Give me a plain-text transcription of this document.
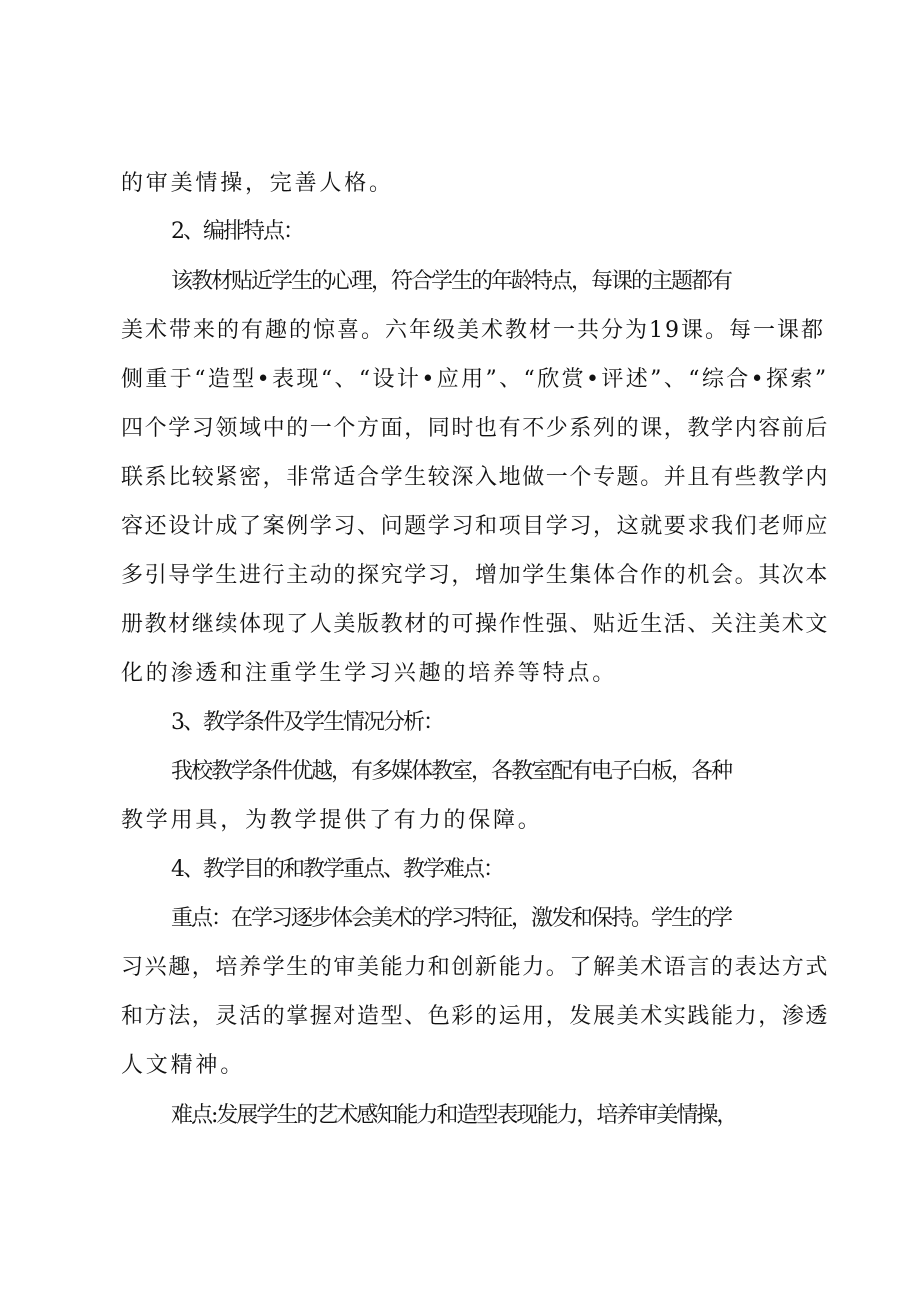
的审美情操，完善人格。
2、编排特点：
该教材贴近学生的心理，符合学生的年龄特点，每课的主题都有
美术带来的有趣的惊喜。六年级美术教材一共分为19课。每一课都
侧重于“造型•表现“、“设计•应用”、“欣赏•评述”、“综合•探索”
四个学习领域中的一个方面，同时也有不少系列的课，教学内容前后
联系比较紧密，非常适合学生较深入地做一个专题。并且有些教学内
容还设计成了案例学习、问题学习和项目学习，这就要求我们老师应
多引导学生进行主动的探究学习，增加学生集体合作的机会。其次本
册教材继续体现了人美版教材的可操作性强、贴近生活、关注美术文
化的渗透和注重学生学习兴趣的培养等特点。
3、教学条件及学生情况分析：
我校教学条件优越，有多媒体教室，各教室配有电子白板，各种
教学用具，为教学提供了有力的保障。
4、教学目的和教学重点、教学难点：
重点：在学习逐步体会美术的学习特征，激发和保持。学生的学
习兴趣，培养学生的审美能力和创新能力。了解美术语言的表达方式
和方法，灵活的掌握对造型、色彩的运用，发展美术实践能力，渗透
人文精神。
难点:发展学生的艺术感知能力和造型表现能力，培养审美情操，
